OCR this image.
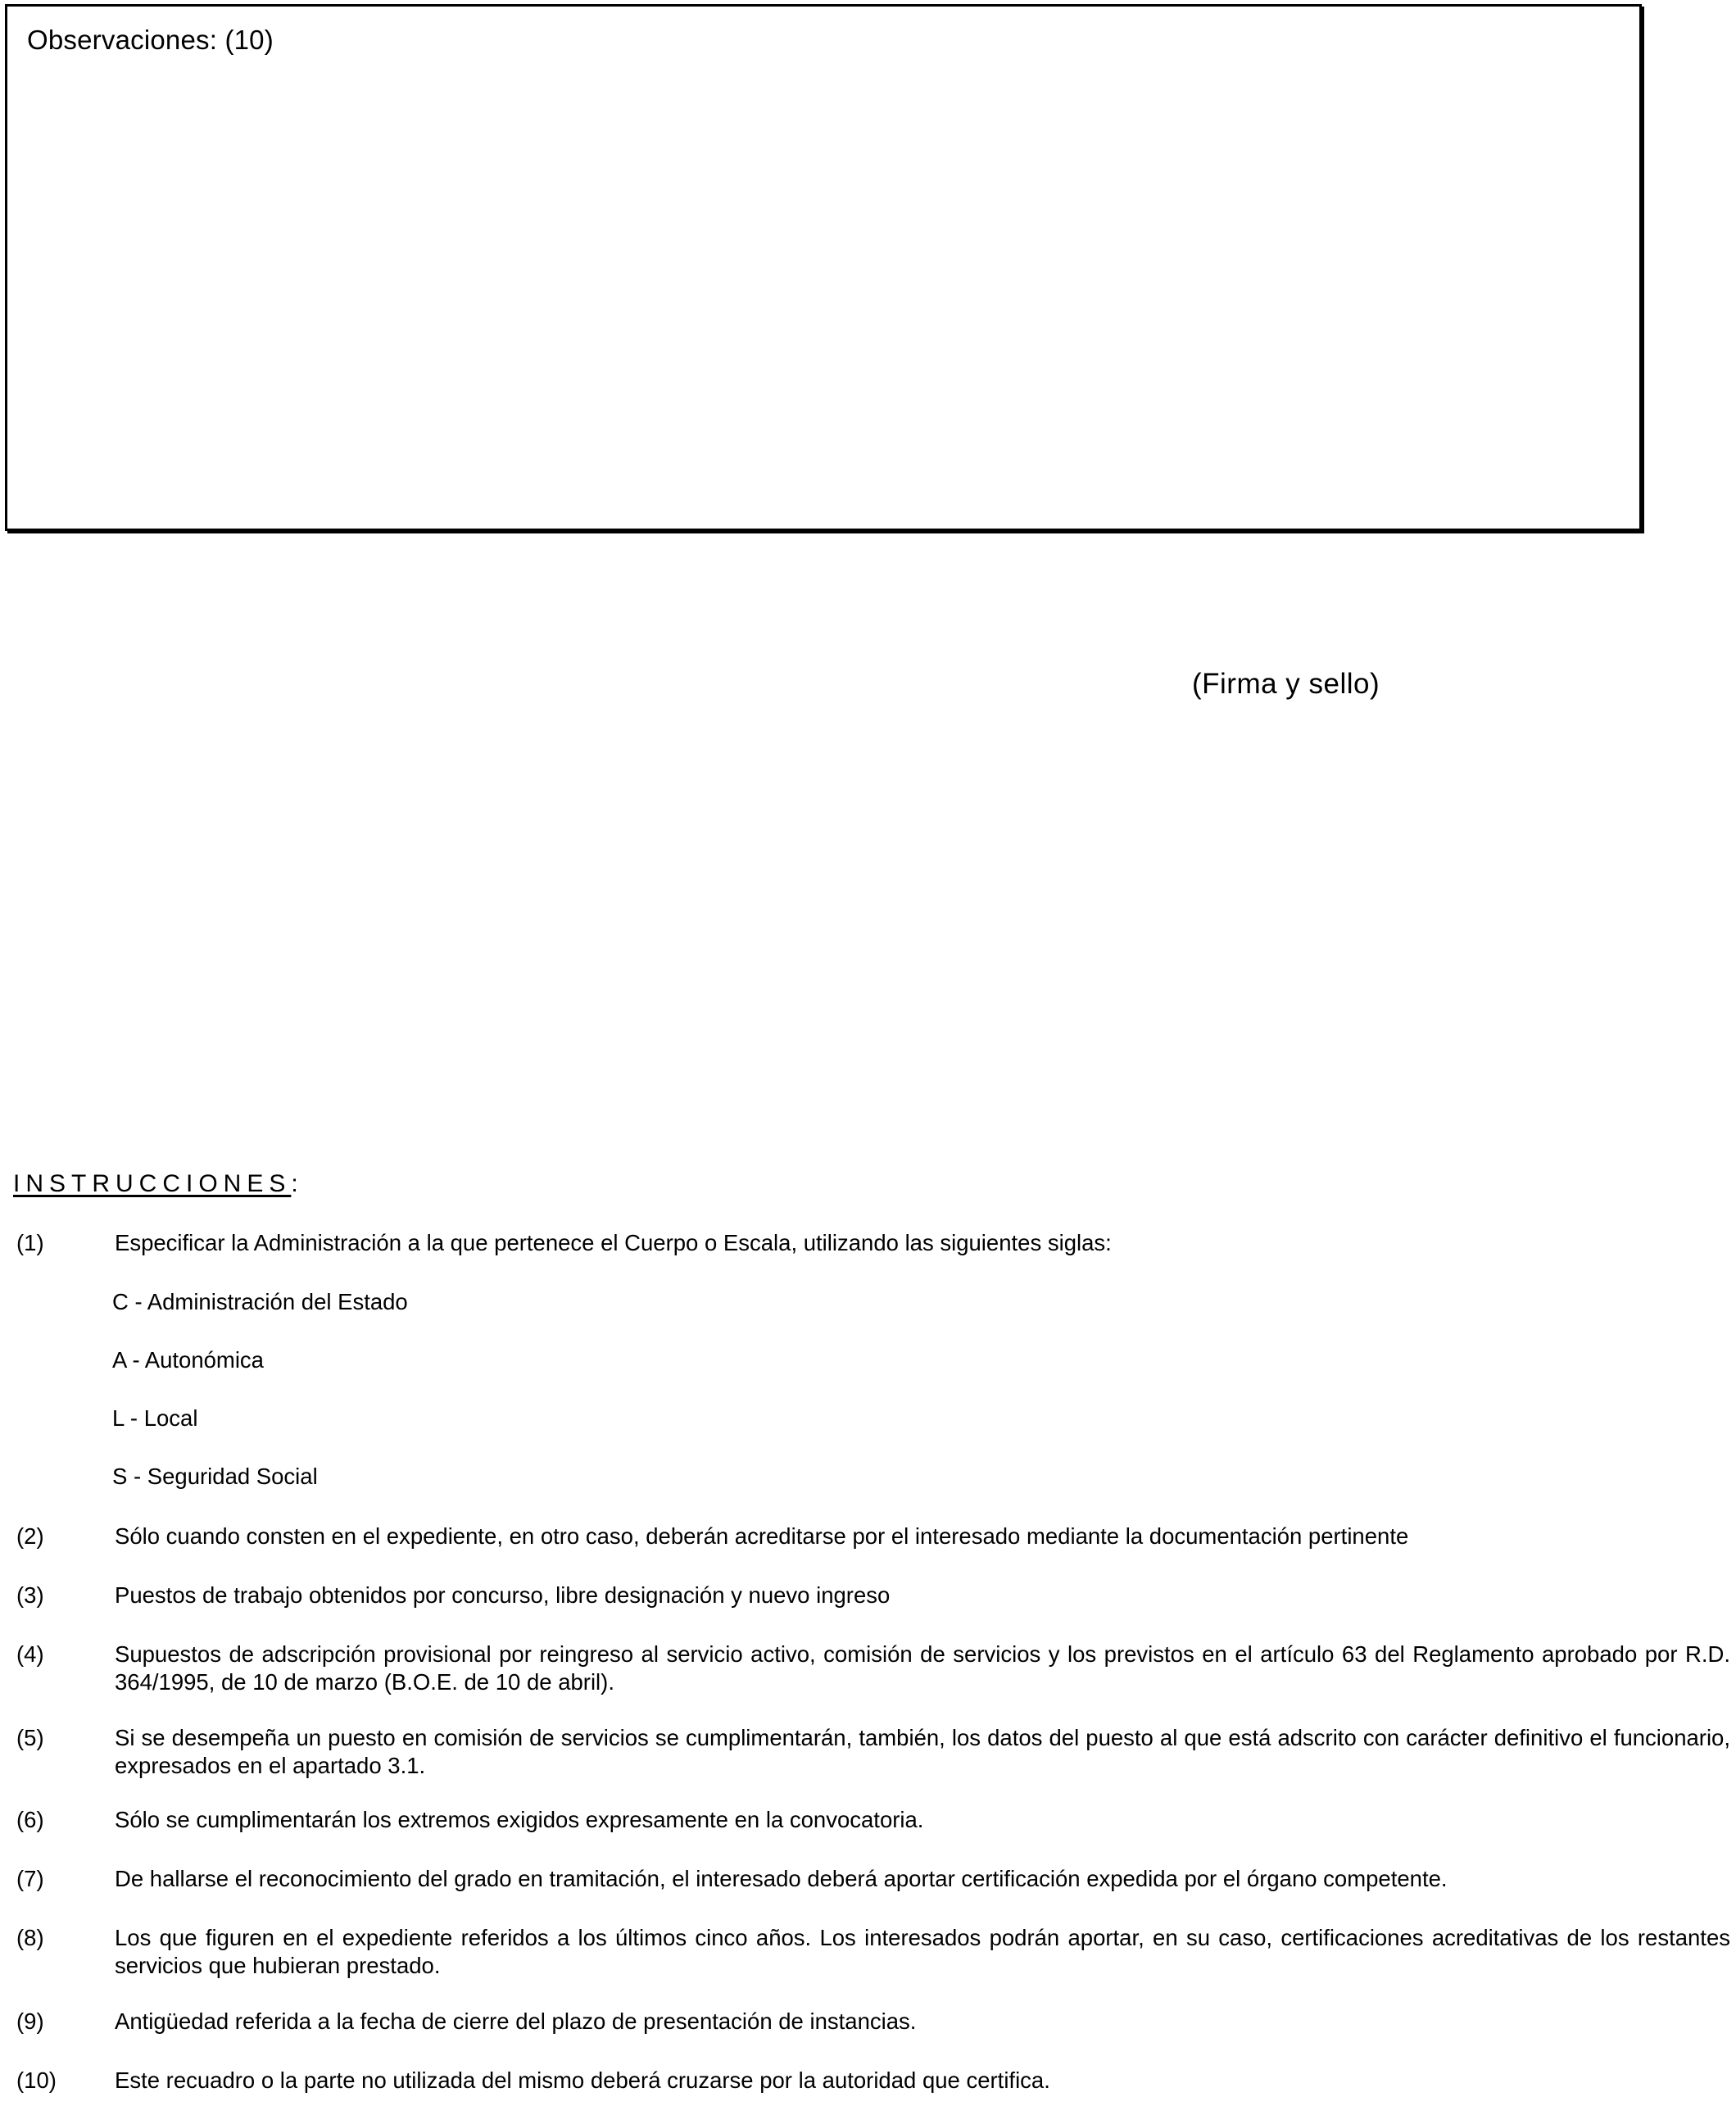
Observaciones: (10)
(Firma y sello)
INSTRUCCIONES:
(1)	Especificar la Administración a la que pertenece el Cuerpo o Escala, utilizando las siguientes siglas:
C - Administración del Estado
A - Autonómica
L - Local
S - Seguridad Social
(2)	Sólo cuando consten en el expediente, en otro caso, deberán acreditarse por el interesado mediante la documentación pertinente
(3)	Puestos de trabajo obtenidos por concurso, libre designación y nuevo ingreso
(4)	Supuestos de adscripción provisional por reingreso al servicio activo, comisión de servicios y los previstos en el artículo 63 del Reglamento aprobado por R.D. 364/1995, de 10 de marzo (B.O.E. de 10 de abril).
(5)	Si se desempeña un puesto en comisión de servicios se cumplimentarán, también, los datos del puesto al que está adscrito con carácter definitivo el funcionario, expresados en el apartado 3.1.
(6)	Sólo se cumplimentarán los extremos exigidos expresamente en la convocatoria.
(7)	De hallarse el reconocimiento del grado en tramitación, el interesado deberá aportar certificación expedida por el órgano competente.
(8)	Los que figuren en el expediente referidos a los últimos cinco años. Los interesados podrán aportar, en su caso, certificaciones acreditativas de los restantes servicios que hubieran prestado.
(9)	Antigüedad referida a la fecha de cierre del plazo de presentación de instancias.
(10)	Este recuadro o la parte no utilizada del mismo deberá cruzarse por la autoridad que certifica.
